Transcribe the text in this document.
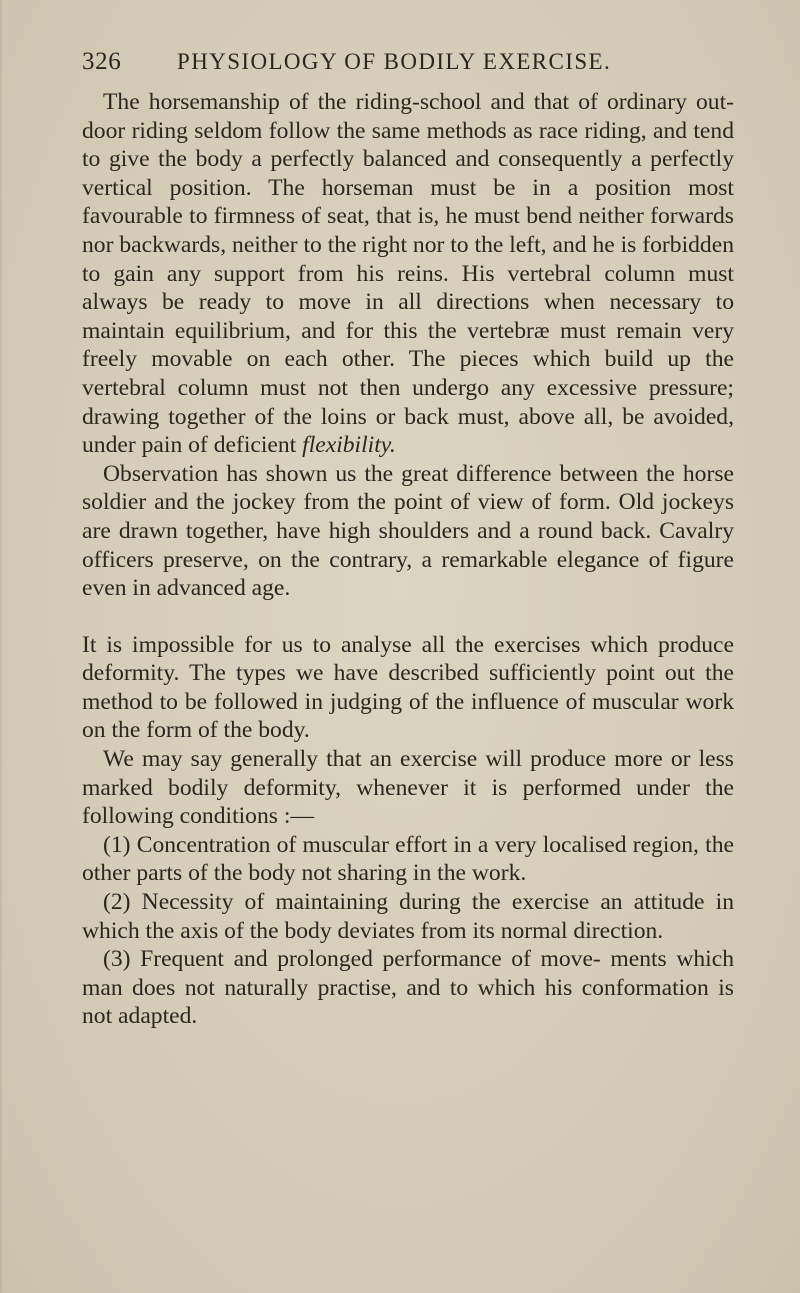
326	PHYSIOLOGY OF BODILY EXERCISE.

The horsemanship of the riding-school and that of ordinary out-door riding seldom follow the same methods as race riding, and tend to give the body a perfectly balanced and consequently a perfectly vertical position. The horseman must be in a position most favourable to firmness of seat, that is, he must bend neither forwards nor backwards, neither to the right nor to the left, and he is forbidden to gain any support from his reins. His vertebral column must always be ready to move in all directions when necessary to maintain equilibrium, and for this the vertebræ must remain very freely movable on each other. The pieces which build up the vertebral column must not then undergo any excessive pressure; drawing together of the loins or back must, above all, be avoided, under pain of deficient flexibility.

Observation has shown us the great difference between the horse soldier and the jockey from the point of view of form. Old jockeys are drawn together, have high shoulders and a round back. Cavalry officers preserve, on the contrary, a remarkable elegance of figure even in advanced age.

It is impossible for us to analyse all the exercises which produce deformity. The types we have described sufficiently point out the method to be followed in judging of the influence of muscular work on the form of the body.

We may say generally that an exercise will produce more or less marked bodily deformity, whenever it is performed under the following conditions :—

(1) Concentration of muscular effort in a very localised region, the other parts of the body not sharing in the work.

(2) Necessity of maintaining during the exercise an attitude in which the axis of the body deviates from its normal direction.

(3) Frequent and prolonged performance of move- ments which man does not naturally practise, and to which his conformation is not adapted.
